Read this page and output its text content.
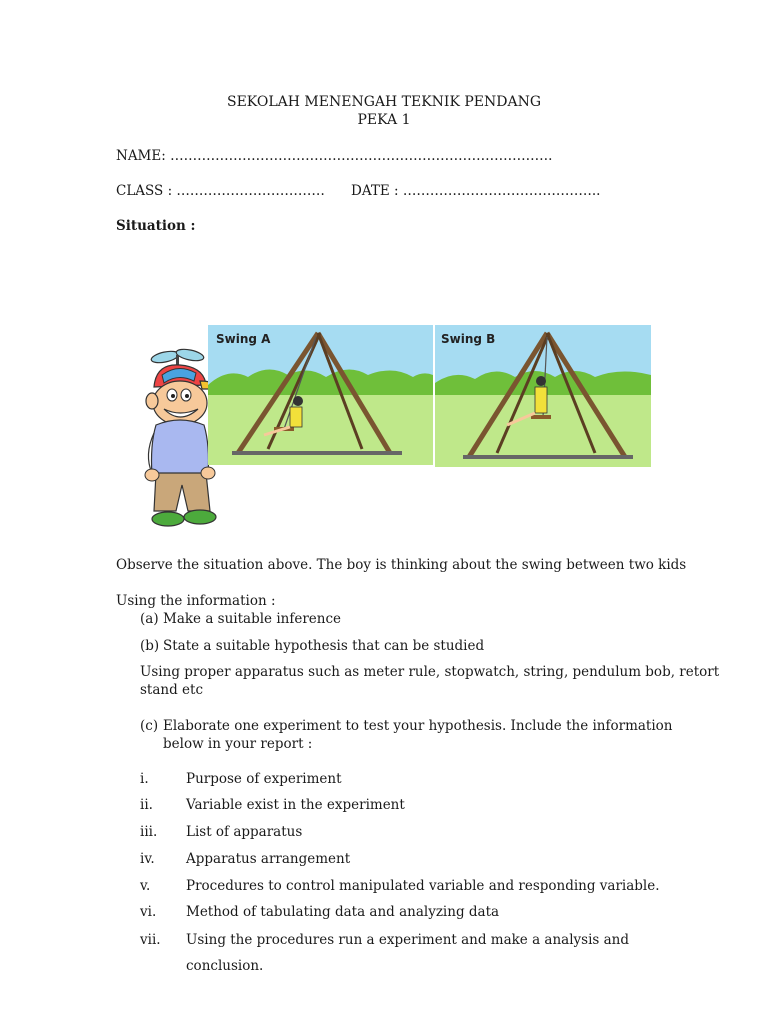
SEKOLAH MENENGAH TEKNIK PENDANG
PEKA 1
NAME: ………………………………………………………………………….
CLASS : …………………………… DATE : ……………………………………..
Situation :
Swing A	Swing B
Observe the situation above. The boy is thinking about the swing between two kids
Using the information :
(a) Make a suitable inference
(b) State a suitable hypothesis that can be studied
Using proper apparatus such as meter rule, stopwatch, string, pendulum bob, retort
stand etc
(c) Elaborate one experiment to test your hypothesis. Include the information
below in your report :
i.	Purpose of experiment
ii. Variable exist in the experiment
iii. List of apparatus
iv. Apparatus arrangement
v.	Procedures to control manipulated variable and responding variable.
vi. Method of tabulating data and analyzing data
vii. Using the procedures run a experiment and make a analysis and
conclusion.
